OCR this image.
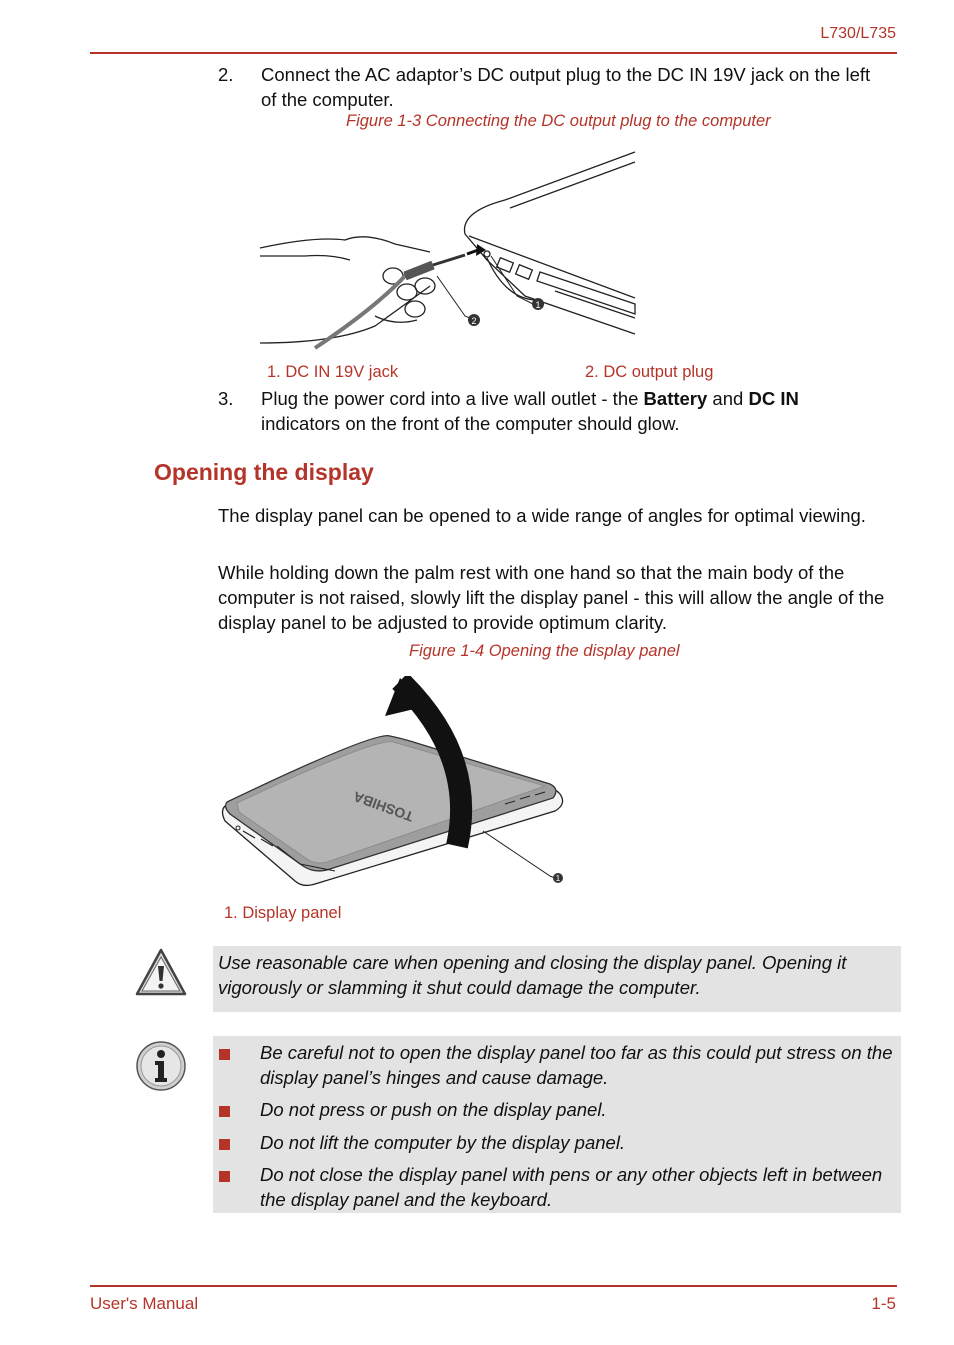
L730/L735
2. Connect the AC adaptor’s DC output plug to the DC IN 19V jack on the left of the computer.
Figure 1-3 Connecting the DC output plug to the computer
2
1
1. DC IN 19V jack	2. DC output plug
3. Plug the power cord into a live wall outlet - the Battery and DC IN indicators on the front of the computer should glow.
Opening the display

The display panel can be opened to a wide range of angles for optimal viewing.

While holding down the palm rest with one hand so that the main body of the computer is not raised, slowly lift the display panel - this will allow the angle of the display panel to be adjusted to provide optimum clarity.

Figure 1-4 Opening the display panel
TOSHIBA
1
1. Display panel
Use reasonable care when opening and closing the display panel. Opening it vigorously or slamming it shut could damage the computer.
Be careful not to open the display panel too far as this could put stress on the display panel’s hinges and cause damage.
Do not press or push on the display panel.
Do not lift the computer by the display panel.
Do not close the display panel with pens or any other objects left in between the display panel and the keyboard.
User's Manual	1-5
